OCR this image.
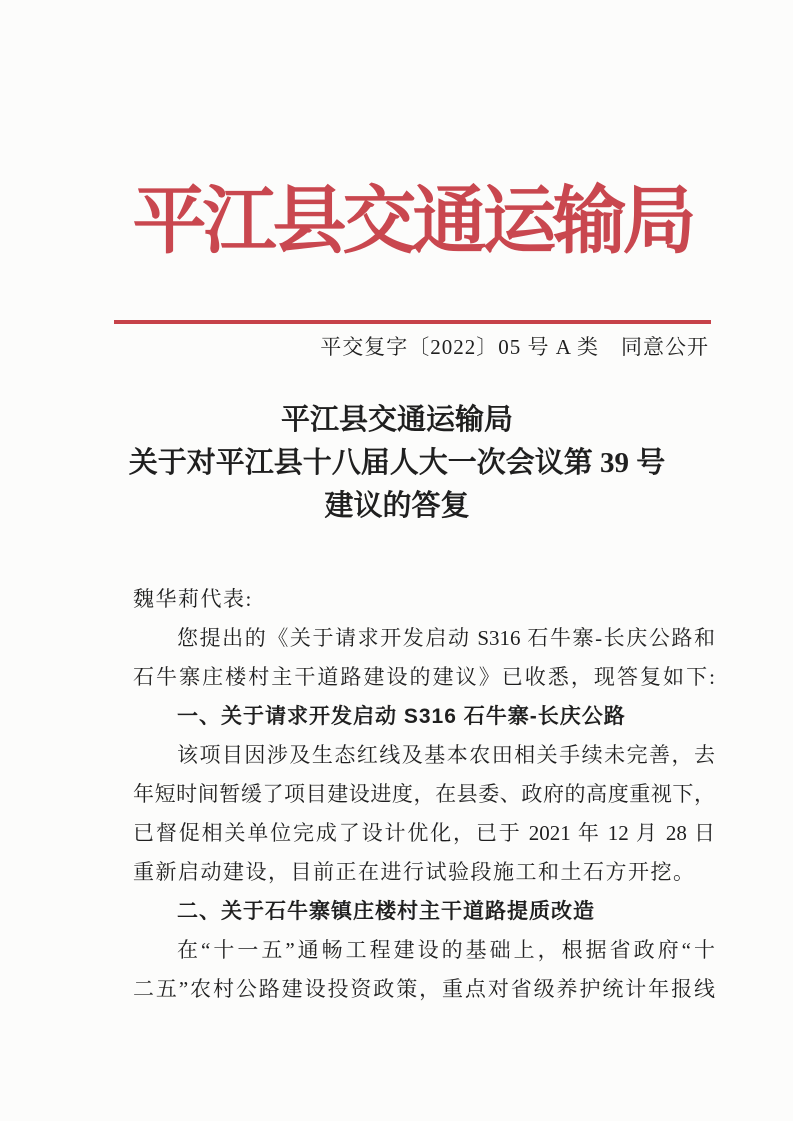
平江县交通运输局
平交复字〔2022〕05 号 A 类　同意公开
平江县交通运输局
关于对平江县十八届人大一次会议第 39 号
建议的答复
魏华莉代表:
您提出的《关于请求开发启动 S316 石牛寨-长庆公路和
石牛寨庄楼村主干道路建设的建议》已收悉，现答复如下:
一、关于请求开发启动 S316 石牛寨-长庆公路
该项目因涉及生态红线及基本农田相关手续未完善，去
年短时间暂缓了项目建设进度，在县委、政府的高度重视下，
已督促相关单位完成了设计优化，已于 2021 年 12 月 28 日
重新启动建设，目前正在进行试验段施工和土石方开挖。
二、关于石牛寨镇庄楼村主干道路提质改造
在“十一五”通畅工程建设的基础上，根据省政府“十
二五”农村公路建设投资政策，重点对省级养护统计年报线
